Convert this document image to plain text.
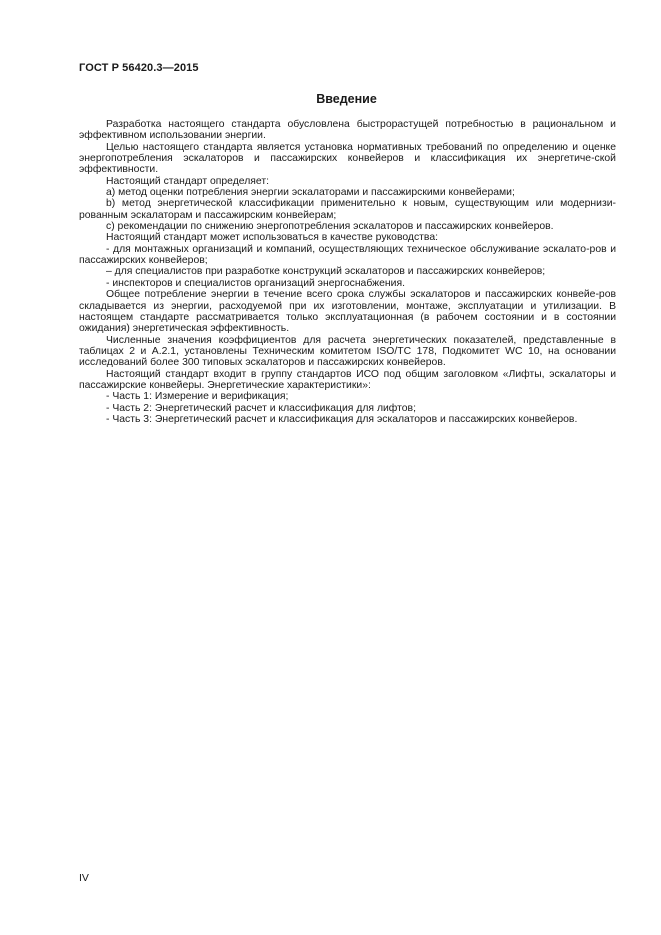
ГОСТ Р 56420.3—2015
Введение

Разработка настоящего стандарта обусловлена быстрорастущей потребностью в рациональном и эффективном использовании энергии.

Целью настоящего стандарта является установка нормативных требований по определению и оценке энергопотребления эскалаторов и пассажирских конвейеров и классификация их энергетиче-ской эффективности.

Настоящий стандарт определяет:

a) метод оценки потребления энергии эскалаторами и пассажирскими конвейерами;

b) метод энергетической классификации применительно к новым, существующим или модернизи-рованным эскалаторам и пассажирским конвейерам;

c) рекомендации по снижению энергопотребления эскалаторов и пассажирских конвейеров.

Настоящий стандарт может использоваться в качестве руководства:

- для монтажных организаций и компаний, осуществляющих техническое обслуживание эскалато-ров и пассажирских конвейеров;

– для специалистов при разработке конструкций эскалаторов и пассажирских конвейеров;

- инспекторов и специалистов организаций энергоснабжения.

Общее потребление энергии в течение всего срока службы эскалаторов и пассажирских конвейе-ров складывается из энергии, расходуемой при их изготовлении, монтаже, эксплуатации и утилизации. В настоящем стандарте рассматривается только эксплуатационная (в рабочем состоянии и в состоянии ожидания) энергетическая эффективность.

Численные значения коэффициентов для расчета энергетических показателей, представленные в таблицах 2 и А.2.1, установлены Техническим комитетом ISO/TC 178, Подкомитет WC 10, на основании исследований более 300 типовых эскалаторов и пассажирских конвейеров.

Настоящий стандарт входит в группу стандартов ИСО под общим заголовком «Лифты, эскалаторы и пассажирские конвейеры. Энергетические характеристики»:

- Часть 1: Измерение и верификация;

- Часть 2: Энергетический расчет и классификация для лифтов;

- Часть 3: Энергетический расчет и классификация для эскалаторов и пассажирских конвейеров.

IV
